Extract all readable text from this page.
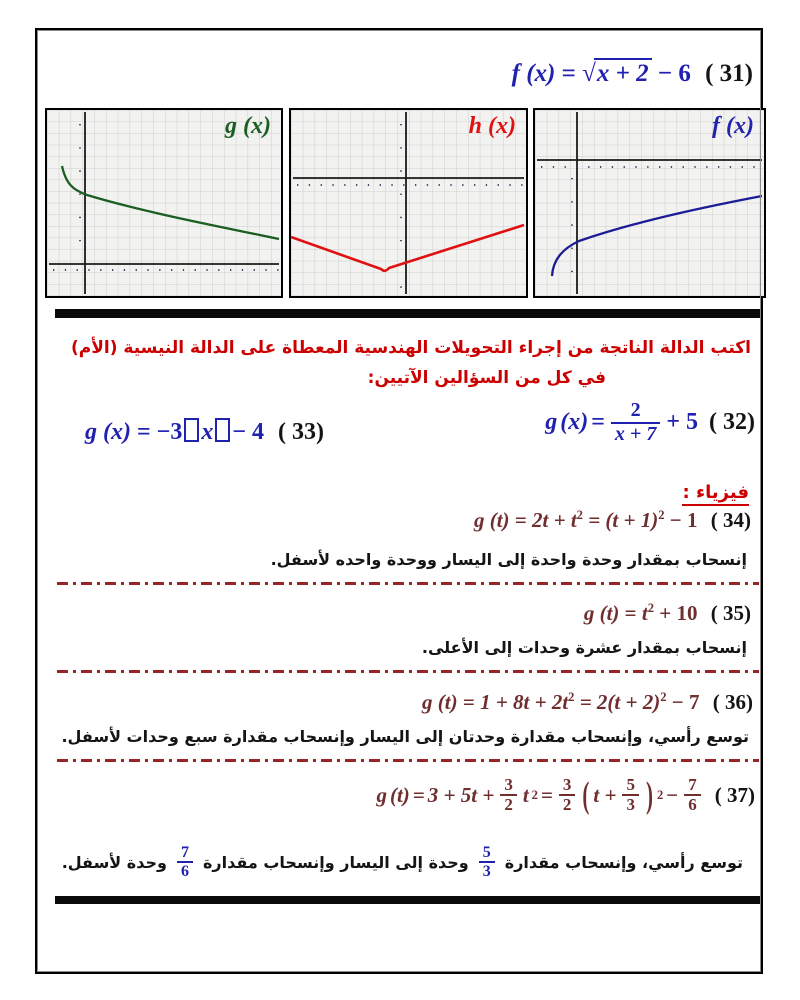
f (x) = √x + 2 − 6 ( 31)
g (x)	h (x)	f (x)
اكتب الدالة الناتجة من إجراء التحويلات الهندسية المعطاة على الدالة النيسية (الأم)
في كل من السؤالين الآتيين:
g $(x) = \frac{2}{x + 7} + 5$ ( 32)
g (x) = −3 x − 4 ( 33)
فيزياء :
g $(t) = 2t + t^2 = (t + 1)^2 - 1$ ( 34)
إنسحاب بمقدار وحدة واحدة إلى اليسار ووحدة واحده لأسفل.
g $(t) = t^2 + 10$ ( 35)
إنسحاب بمقدار عشرة وحدات إلى الأعلى.
g $(t) = 1 + 8t + 2t^2 = 2(t + 2)^2 - 7$ ( 36)
توسع رأسي، وإنسحاب مقدارة وحدتان إلى اليسار وإنسحاب مقدارة سبع وحدات لأسفل.
g $(t) = 3 + 5t + \frac{3}{2}$ t $2 = \frac{3}{2}$ ( $t + \frac{5}{3}$ ) $2 - \frac{7}{6}$ ( 37)
توسع رأسي، وإنسحاب مقدارة
$\frac{5}{3}$
وحدة إلى اليسار وإنسحاب مقدارة
$\frac{7}{6}$
وحدة لأسفل.
